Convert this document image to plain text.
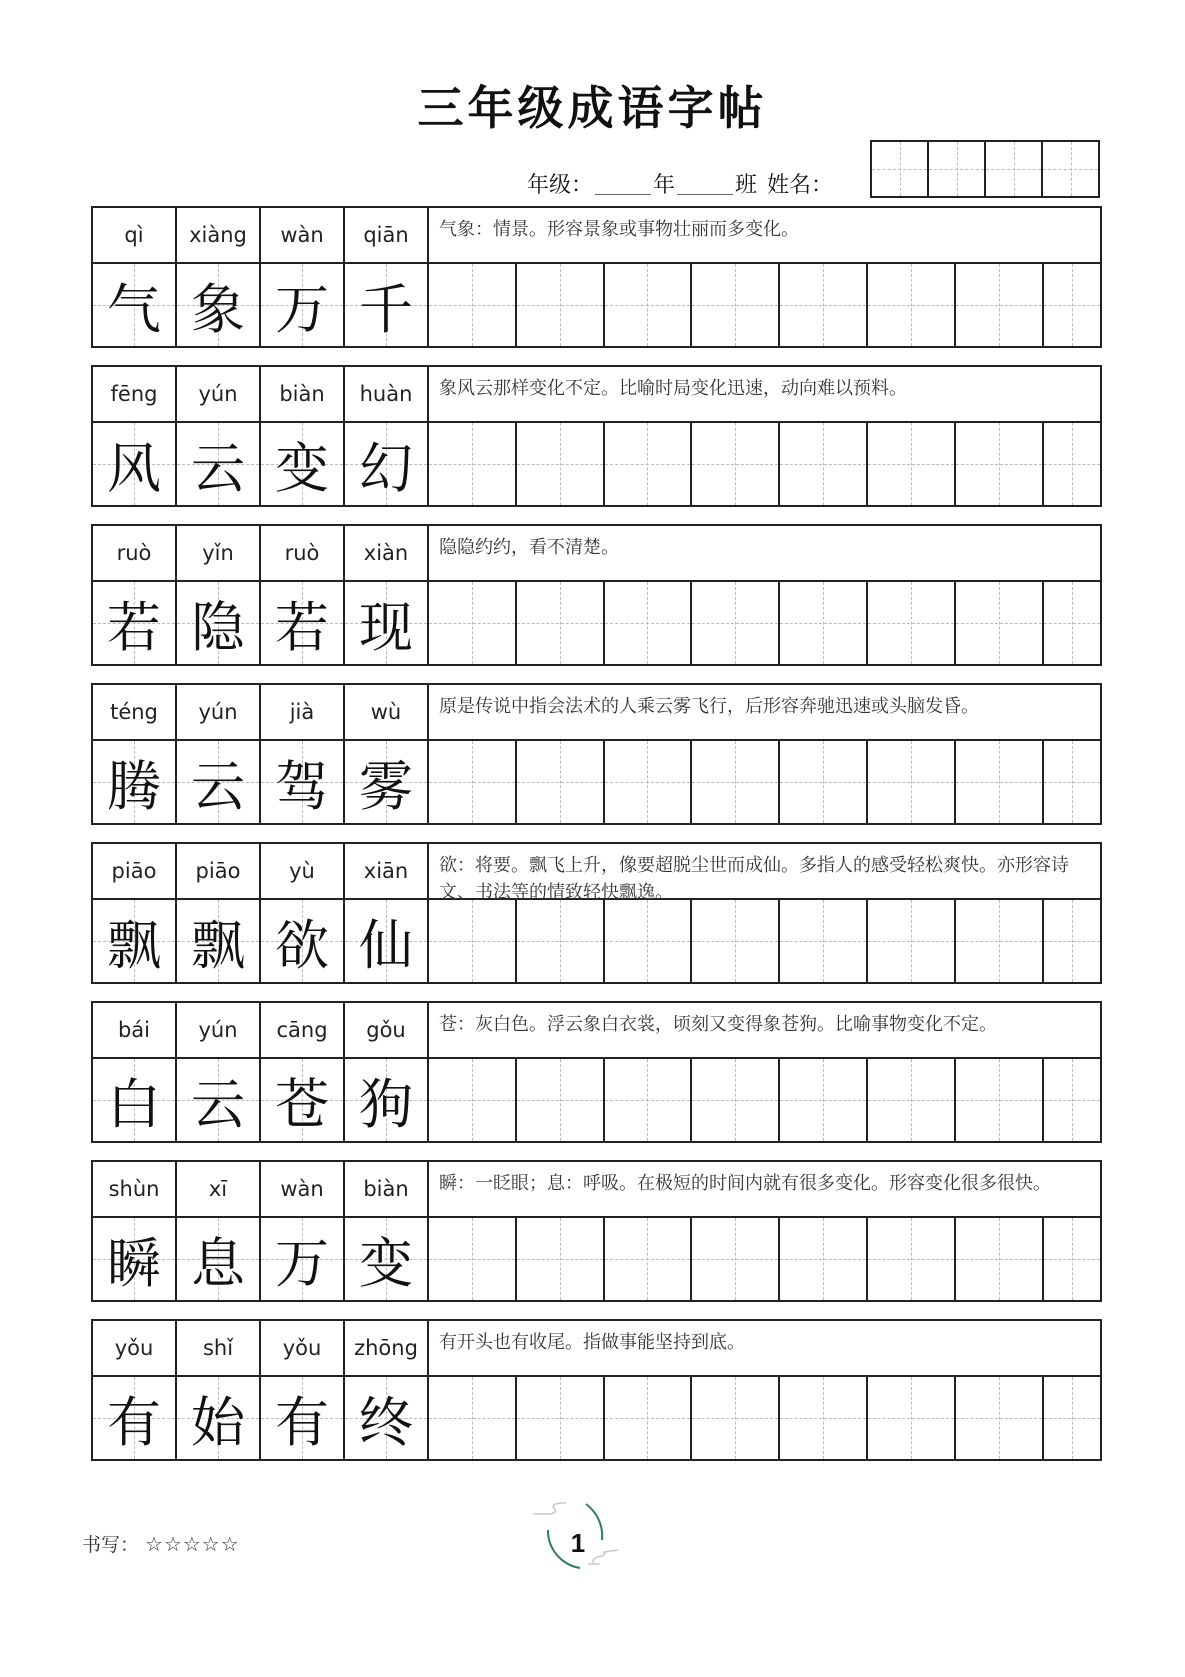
三年级成语字帖
年级：	年	班 姓名：
qì	xiàng	wàn	qiān	气象：情景。形容景象或事物壮丽而多变化。
气 象 万 千
fēng	yún	biàn	huàn	象风云那样变化不定。比喻时局变化迅速，动向难以预料。
风 云 变 幻
ruò	yǐn	ruò	xiàn	隐隐约约，看不清楚。
若 隐 若 现
téng	yún	jià	wù	原是传说中指会法术的人乘云雾飞行，后形容奔驰迅速或头脑发昏。
腾 云 驾 雾
piāo	piāo	yù	xiān	欲：将要。飘飞上升，像要超脱尘世而成仙。多指人的感受轻松爽快。亦形容诗文、书法等的情致轻快飘逸。
飘 飘 欲 仙
bái	yún	cāng	gǒu	苍：灰白色。浮云象白衣裳，顷刻又变得象苍狗。比喻事物变化不定。
白 云 苍 狗
shùn	xī	wàn	biàn	瞬：一眨眼；息：呼吸。在极短的时间内就有很多变化。形容变化很多很快。
瞬 息 万 变
yǒu	shǐ	yǒu	zhōng	有开头也有收尾。指做事能坚持到底。
有 始 有 终
书写： ☆☆☆☆☆	1
